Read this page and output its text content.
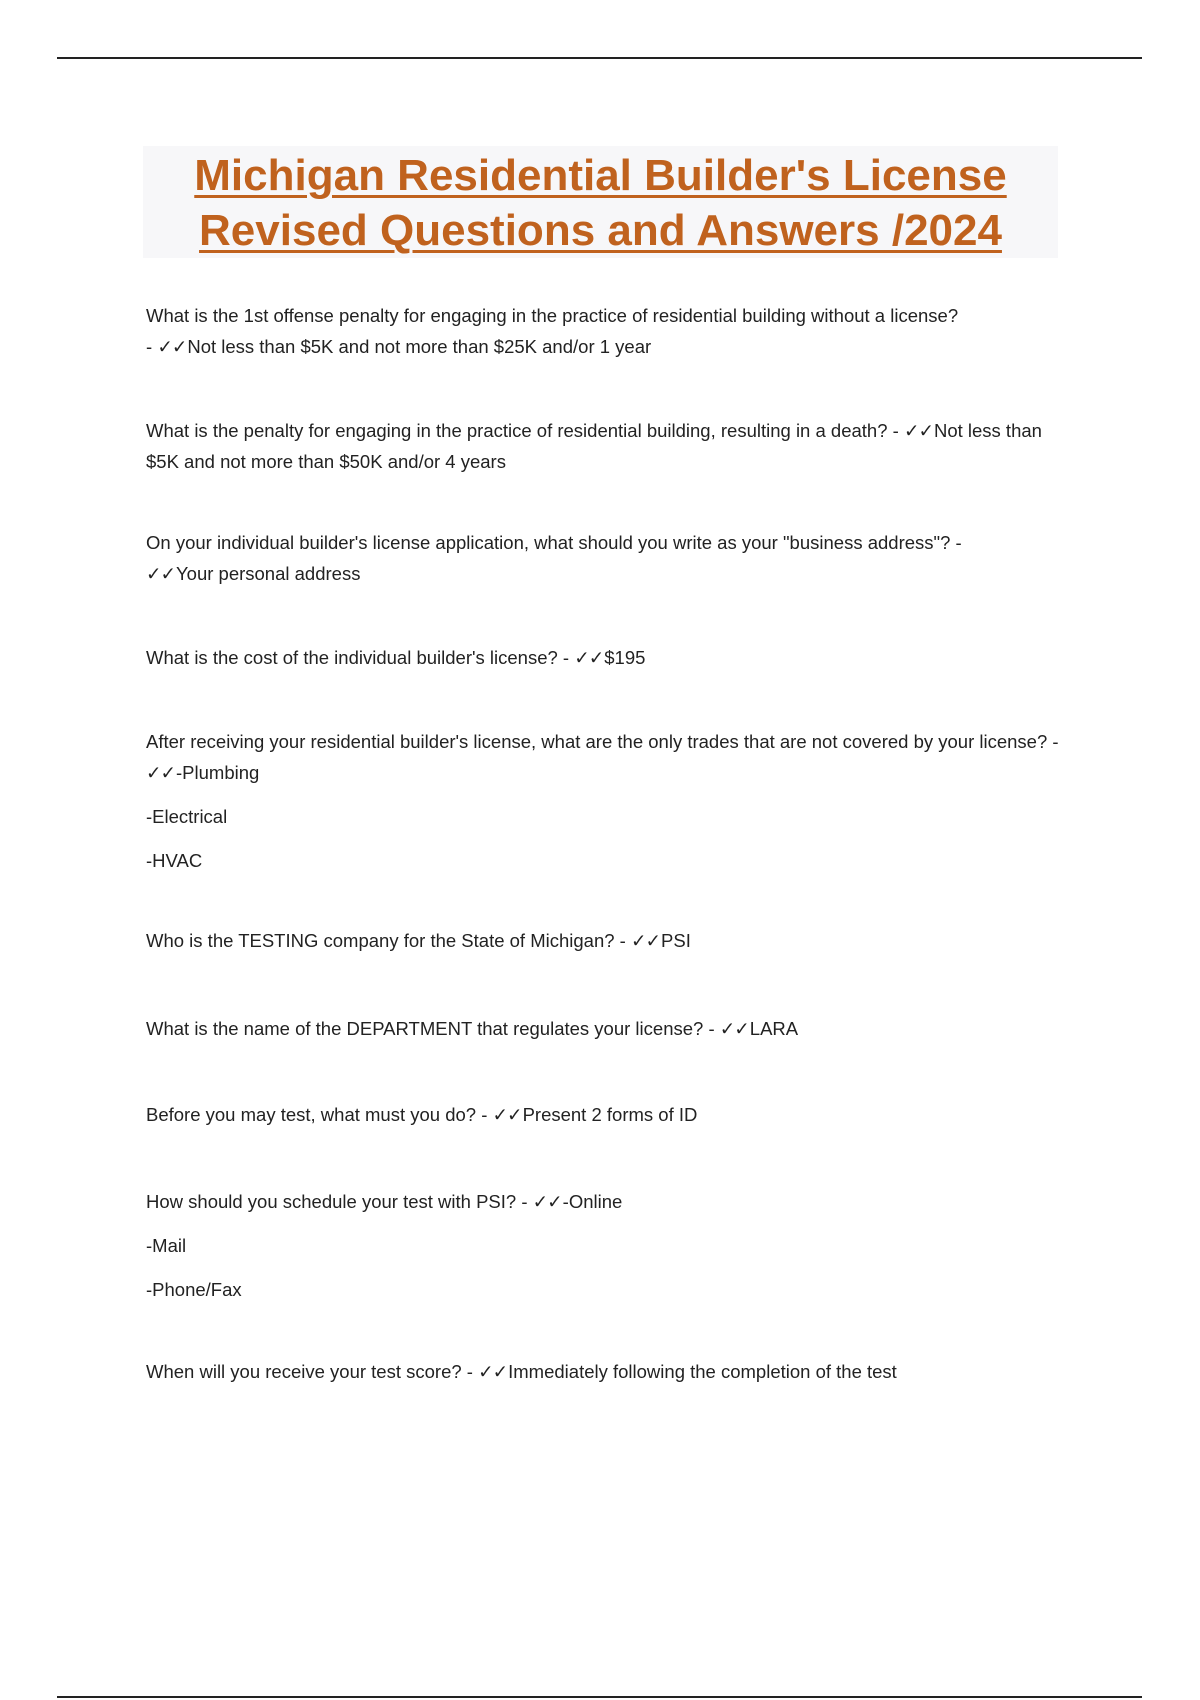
Michigan Residential Builder's License
Revised Questions and Answers /2024

What is the 1st offense penalty for engaging in the practice of residential building without a license?
- ✓✓Not less than $5K and not more than $25K and/or 1 year

What is the penalty for engaging in the practice of residential building, resulting in a death? - ✓✓Not less than $5K and not more than $50K and/or 4 years

On your individual builder's license application, what should you write as your "business address"? -
✓✓Your personal address

What is the cost of the individual builder's license? - ✓✓$195

After receiving your residential builder's license, what are the only trades that are not covered by your license? - ✓✓-Plumbing

-Electrical

-HVAC

Who is the TESTING company for the State of Michigan? - ✓✓PSI

What is the name of the DEPARTMENT that regulates your license? - ✓✓LARA

Before you may test, what must you do? - ✓✓Present 2 forms of ID

How should you schedule your test with PSI? - ✓✓-Online

-Mail

-Phone/Fax

When will you receive your test score? - ✓✓Immediately following the completion of the test
